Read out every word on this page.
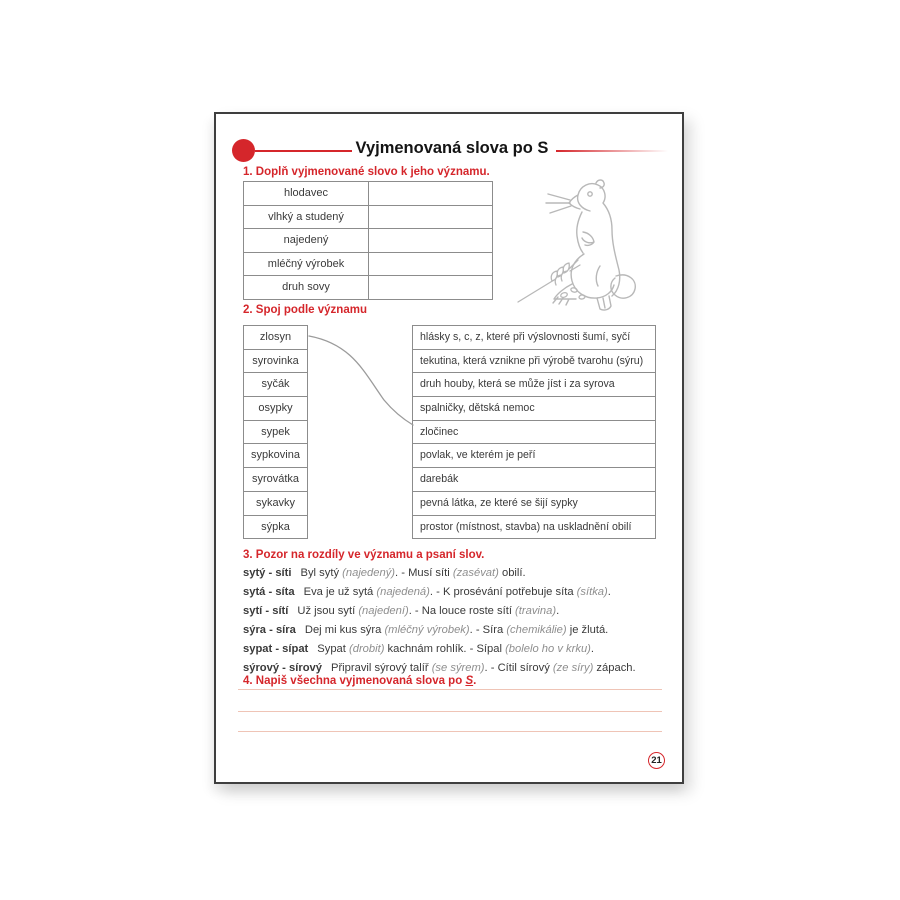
Vyjmenovaná slova po S
1. Doplň vyjmenované slovo k jeho významu.
hlodavec
vlhký a studený
najedený
mléčný výrobek
druh sovy
2. Spoj podle významu
zlosyn
syrovinka
syčák
osypky
sypek
sypkovina
syrovátka
sykavky
sýpka
hlásky s, c, z, které při výslovnosti šumí, syčí
tekutina, která vznikne při výrobě tvarohu (sýru)
druh houby, která se může jíst i za syrova
spalničky, dětská nemoc
zločinec
povlak, ve kterém je peří
darebák
pevná látka, ze které se šijí sypky
prostor (místnost, stavba) na uskladnění obilí
3. Pozor na rozdíly ve významu a psaní slov.
sytý - síti Byl sytý (najedený). - Musí síti (zasévat) obilí.
sytá - síta Eva je už sytá (najedená). - K prosévání potřebuje síta (sítka).
sytí - sítí Už jsou sytí (najedení). - Na louce roste sítí (travina).
sýra - síra Dej mi kus sýra (mléčný výrobek). - Síra (chemikálie) je žlutá.
sypat - sípat Sypat (drobit) kachnám rohlík. - Sípal (bolelo ho v krku).
sýrový - sírový Připravil sýrový talíř (se sýrem). - Cítil sírový (ze síry) zápach.
4. Napiš všechna vyjmenovaná slova po S.
21
